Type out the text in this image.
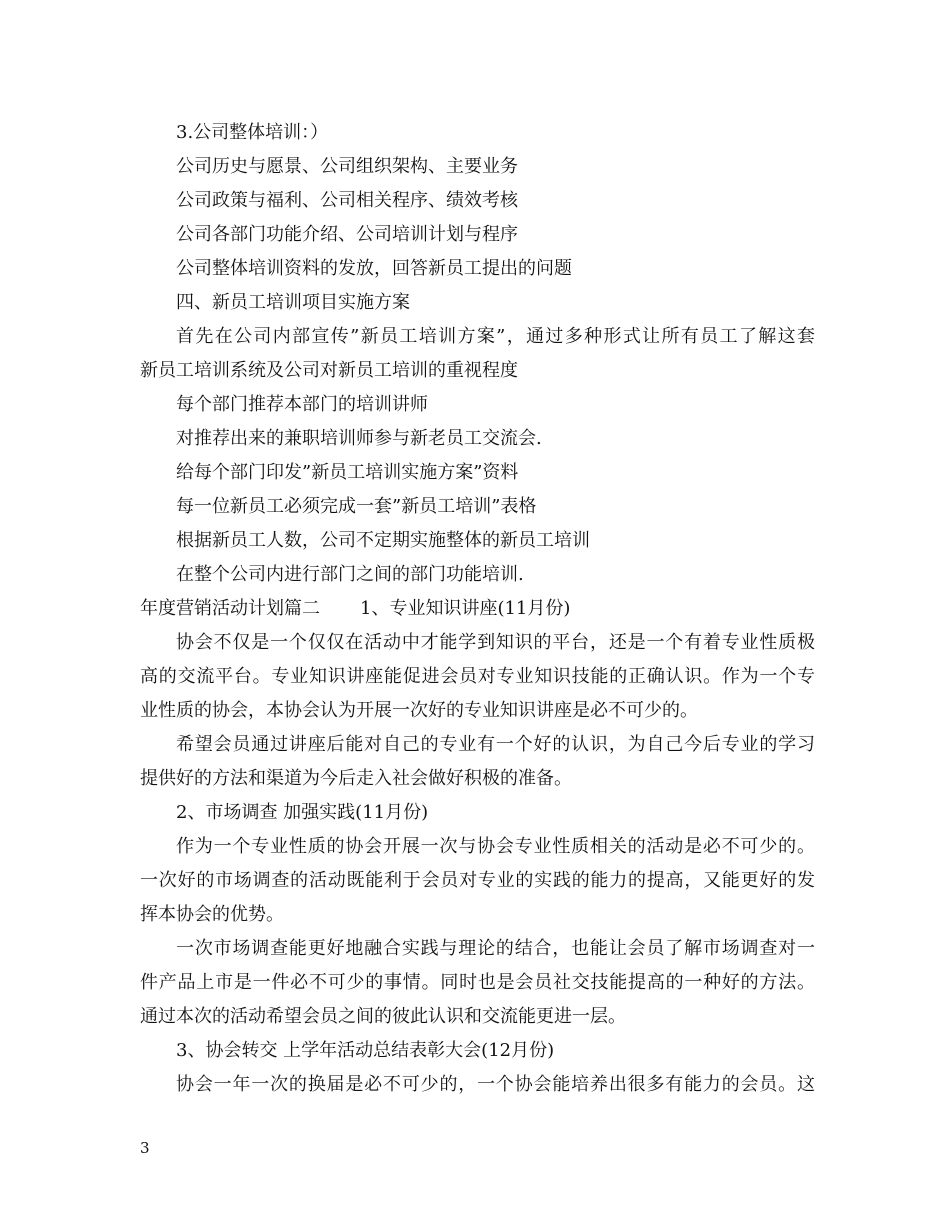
3.公司整体培训：）
公司历史与愿景、公司组织架构、主要业务
公司政策与福利、公司相关程序、绩效考核
公司各部门功能介绍、公司培训计划与程序
公司整体培训资料的发放，回答新员工提出的问题
四、新员工培训项目实施方案
首先在公司内部宣传”新员工培训方案”，通过多种形式让所有员工了解这套
新员工培训系统及公司对新员工培训的重视程度
每个部门推荐本部门的培训讲师
对推荐出来的兼职培训师参与新老员工交流会.
给每个部门印发”新员工培训实施方案”资料
每一位新员工必须完成一套”新员工培训”表格
根据新员工人数，公司不定期实施整体的新员工培训
在整个公司内进行部门之间的部门功能培训.
年度营销活动计划篇二 1、专业知识讲座(11月份)
协会不仅是一个仅仅在活动中才能学到知识的平台，还是一个有着专业性质极
高的交流平台。专业知识讲座能促进会员对专业知识技能的正确认识。作为一个专
业性质的协会，本协会认为开展一次好的专业知识讲座是必不可少的。
希望会员通过讲座后能对自己的专业有一个好的认识，为自己今后专业的学习
提供好的方法和渠道为今后走入社会做好积极的准备。
2、市场调查 加强实践(11月份)
作为一个专业性质的协会开展一次与协会专业性质相关的活动是必不可少的。
一次好的市场调查的活动既能利于会员对专业的实践的能力的提高，又能更好的发
挥本协会的优势。
一次市场调查能更好地融合实践与理论的结合，也能让会员了解市场调查对一
件产品上市是一件必不可少的事情。同时也是会员社交技能提高的一种好的方法。
通过本次的活动希望会员之间的彼此认识和交流能更进一层。
3、协会转交 上学年活动总结表彰大会(12月份)
协会一年一次的换届是必不可少的，一个协会能培养出很多有能力的会员。这
3
